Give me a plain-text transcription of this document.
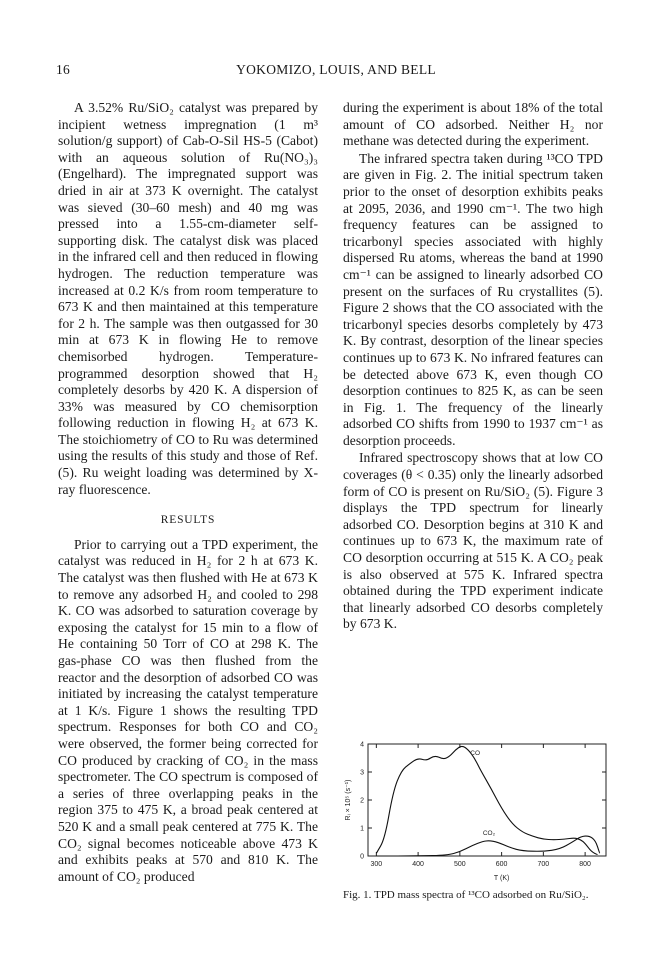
16	YOKOMIZO, LOUIS, AND BELL

A 3.52% Ru/SiO₂ catalyst was prepared by incipient wetness impregnation (1 m³ solution/g support) of Cab-O-Sil HS-5 (Cabot) with an aqueous solution of Ru(NO₃)₃ (Engelhard). The impregnated support was dried in air at 373 K overnight. The catalyst was sieved (30–60 mesh) and 40 mg was pressed into a 1.55-cm-diameter self-supporting disk. The catalyst disk was placed in the infrared cell and then reduced in flowing hydrogen. The reduction temperature was increased at 0.2 K/s from room temperature to 673 K and then maintained at this temperature for 2 h. The sample was then outgassed for 30 min at 673 K in flowing He to remove chemisorbed hydrogen. Temperature-programmed desorption showed that H₂ completely desorbs by 420 K. A dispersion of 33% was measured by CO chemisorption following reduction in flowing H₂ at 673 K. The stoichiometry of CO to Ru was determined using the results of this study and those of Ref. (5). Ru weight loading was determined by X-ray fluorescence.

RESULTS

Prior to carrying out a TPD experiment, the catalyst was reduced in H₂ for 2 h at 673 K. The catalyst was then flushed with He at 673 K to remove any adsorbed H₂ and cooled to 298 K. CO was adsorbed to saturation coverage by exposing the catalyst for 15 min to a flow of He containing 50 Torr of CO at 298 K. The gas-phase CO was then flushed from the reactor and the desorption of adsorbed CO was initiated by increasing the catalyst temperature at 1 K/s. Figure 1 shows the resulting TPD spectrum. Responses for both CO and CO₂ were observed, the former being corrected for CO produced by cracking of CO₂ in the mass spectrometer. The CO spectrum is composed of a series of three overlapping peaks in the region 375 to 475 K, a broad peak centered at 520 K and a small peak centered at 775 K. The CO₂ signal becomes noticeable above 473 K and exhibits peaks at 570 and 810 K. The amount of CO₂ produced

during the experiment is about 18% of the total amount of CO adsorbed. Neither H₂ nor methane was detected during the experiment.

The infrared spectra taken during ¹³CO TPD are given in Fig. 2. The initial spectrum taken prior to the onset of desorption exhibits peaks at 2095, 2036, and 1990 cm⁻¹. The two high frequency features can be assigned to tricarbonyl species associated with highly dispersed Ru atoms, whereas the band at 1990 cm⁻¹ can be assigned to linearly adsorbed CO present on the surfaces of Ru crystallites (5). Figure 2 shows that the CO associated with the tricarbonyl species desorbs completely by 473 K. By contrast, desorption of the linear species continues up to 673 K. No infrared features can be detected above 673 K, even though CO desorption continues to 825 K, as can be seen in Fig. 1. The frequency of the linearly adsorbed CO shifts from 1990 to 1937 cm⁻¹ as desorption proceeds.

Infrared spectroscopy shows that at low CO coverages (θ < 0.35) only the linearly adsorbed form of CO is present on Ru/SiO₂ (5). Figure 3 displays the TPD spectrum for linearly adsorbed CO. Desorption begins at 310 K and continues up to 673 K, the maximum rate of CO desorption occurring at 515 K. A CO₂ peak is also observed at 575 K. Infrared spectra obtained during the TPD experiment indicate that linearly adsorbed CO desorbs completely by 673 K.

300	400	500	600	700	800
0
1
2
3
4
T (K)
Rᵢ × 10⁵ (s⁻¹)
CO
CO₂
Fig. 1. TPD mass spectra of ¹³CO adsorbed on Ru/SiO₂.
